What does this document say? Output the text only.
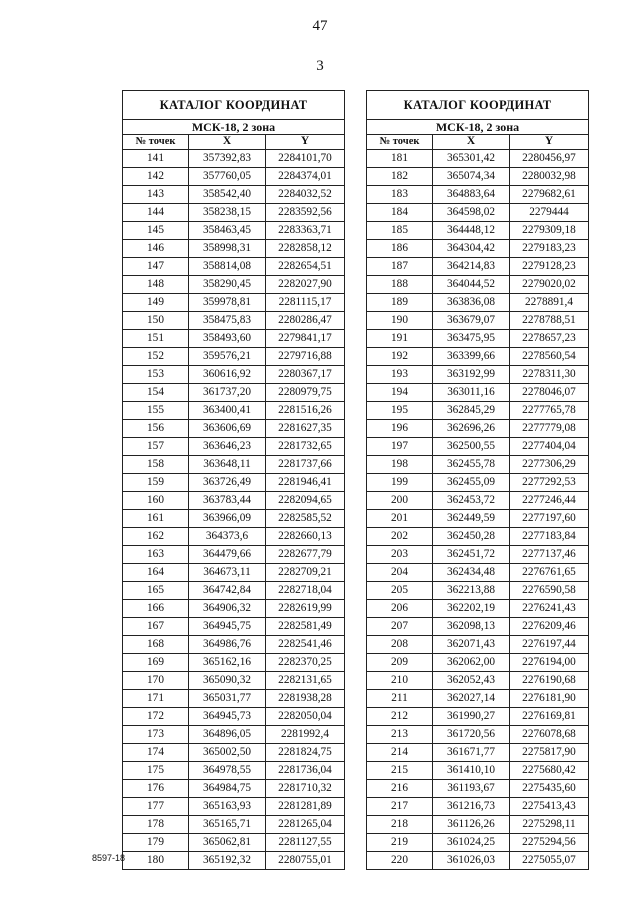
47
3
КАТАЛОГ КООРДИНАТ		
МСК-18, 2 зона		
№ точек	X	Y
141	357392,83	2284101,70
142	357760,05	2284374,01
143	358542,40	2284032,52
144	358238,15	2283592,56
145	358463,45	2283363,71
146	358998,31	2282858,12
147	358814,08	2282654,51
148	358290,45	2282027,90
149	359978,81	2281115,17
150	358475,83	2280286,47
151	358493,60	2279841,17
152	359576,21	2279716,88
153	360616,92	2280367,17
154	361737,20	2280979,75
155	363400,41	2281516,26
156	363606,69	2281627,35
157	363646,23	2281732,65
158	363648,11	2281737,66
159	363726,49	2281946,41
160	363783,44	2282094,65
161	363966,09	2282585,52
162	364373,6	2282660,13
163	364479,66	2282677,79
164	364673,11	2282709,21
165	364742,84	2282718,04
166	364906,32	2282619,99
167	364945,75	2282581,49
168	364986,76	2282541,46
169	365162,16	2282370,25
170	365090,32	2282131,65
171	365031,77	2281938,28
172	364945,73	2282050,04
173	364896,05	2281992,4
174	365002,50	2281824,75
175	364978,55	2281736,04
176	364984,75	2281710,32
177	365163,93	2281281,89
178	365165,71	2281265,04
179	365062,81	2281127,55
180	365192,32	2280755,01
КАТАЛОГ КООРДИНАТ		
МСК-18, 2 зона		
№ точек	X	Y
181	365301,42	2280456,97
182	365074,34	2280032,98
183	364883,64	2279682,61
184	364598,02	2279444
185	364448,12	2279309,18
186	364304,42	2279183,23
187	364214,83	2279128,23
188	364044,52	2279020,02
189	363836,08	2278891,4
190	363679,07	2278788,51
191	363475,95	2278657,23
192	363399,66	2278560,54
193	363192,99	2278311,30
194	363011,16	2278046,07
195	362845,29	2277765,78
196	362696,26	2277779,08
197	362500,55	2277404,04
198	362455,78	2277306,29
199	362455,09	2277292,53
200	362453,72	2277246,44
201	362449,59	2277197,60
202	362450,28	2277183,84
203	362451,72	2277137,46
204	362434,48	2276761,65
205	362213,88	2276590,58
206	362202,19	2276241,43
207	362098,13	2276209,46
208	362071,43	2276197,44
209	362062,00	2276194,00
210	362052,43	2276190,68
211	362027,14	2276181,90
212	361990,27	2276169,81
213	361720,56	2276078,68
214	361671,77	2275817,90
215	361410,10	2275680,42
216	361193,67	2275435,60
217	361216,73	2275413,43
218	361126,26	2275298,11
219	361024,25	2275294,56
220	361026,03	2275055,07
8597-18
